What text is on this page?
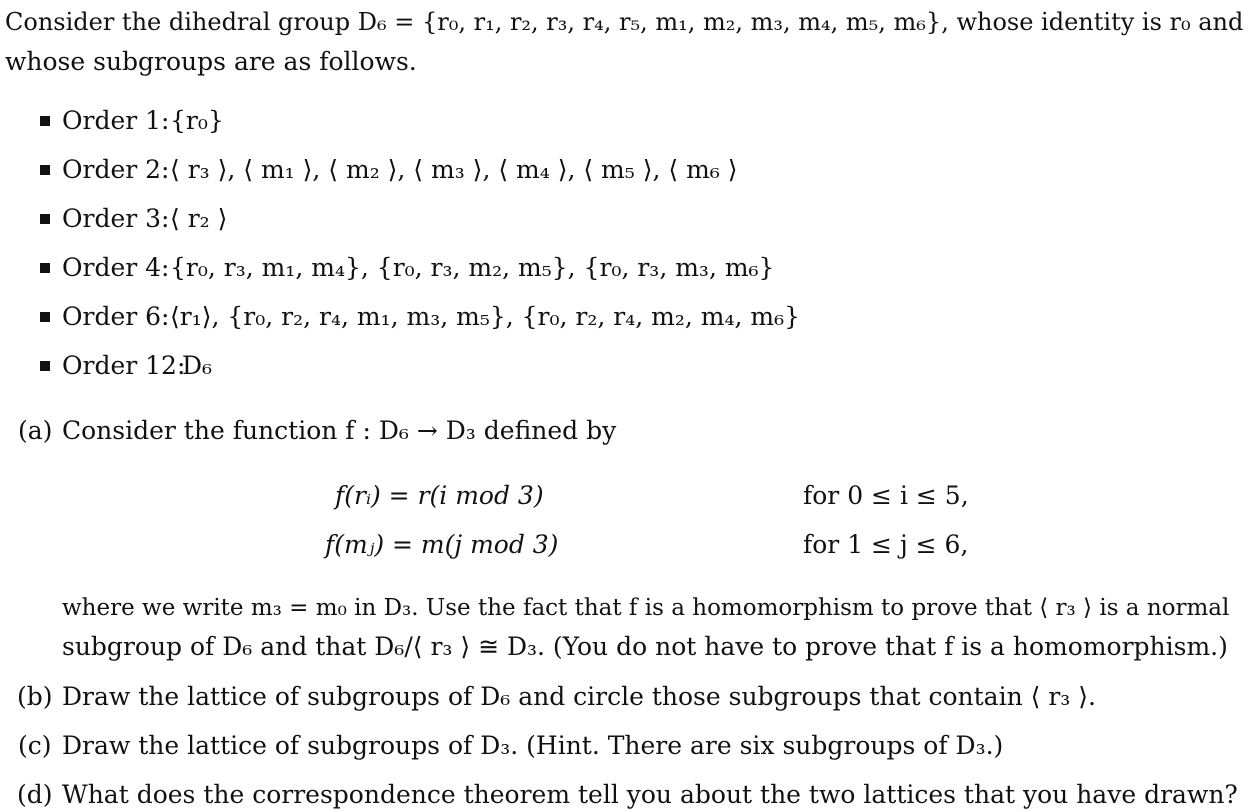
Consider the dihedral group D₆ = {r₀, r₁, r₂, r₃, r₄, r₅, m₁, m₂, m₃, m₄, m₅, m₆}, whose identity is r₀ and
whose subgroups are as follows.
Order 1: {r₀}
Order 2: ⟨ r₃ ⟩, ⟨ m₁ ⟩, ⟨ m₂ ⟩, ⟨ m₃ ⟩, ⟨ m₄ ⟩, ⟨ m₅ ⟩, ⟨ m₆ ⟩
Order 3: ⟨ r₂ ⟩
Order 4: {r₀, r₃, m₁, m₄}, {r₀, r₃, m₂, m₅}, {r₀, r₃, m₃, m₆}
Order 6: ⟨r₁⟩, {r₀, r₂, r₄, m₁, m₃, m₅}, {r₀, r₂, r₄, m₂, m₄, m₆}
Order 12:
D₆
(a) Consider the function f : D₆ → D₃ defined by
f(rᵢ) = r(i mod 3)	for 0 ≤ i ≤ 5,
f(mⱼ) = m(j mod 3)	for 1 ≤ j ≤ 6,
where we write m₃ = m₀ in D₃. Use the fact that f is a homomorphism to prove that ⟨ r₃ ⟩ is a normal
subgroup of D₆ and that D₆/⟨ r₃ ⟩ ≅ D₃. (You do not have to prove that f is a homomorphism.)
(b) Draw the lattice of subgroups of D₆ and circle those subgroups that contain ⟨ r₃ ⟩.
(c) Draw the lattice of subgroups of D₃. (Hint. There are six subgroups of D₃.)
(d) What does the correspondence theorem tell you about the two lattices that you have drawn?
